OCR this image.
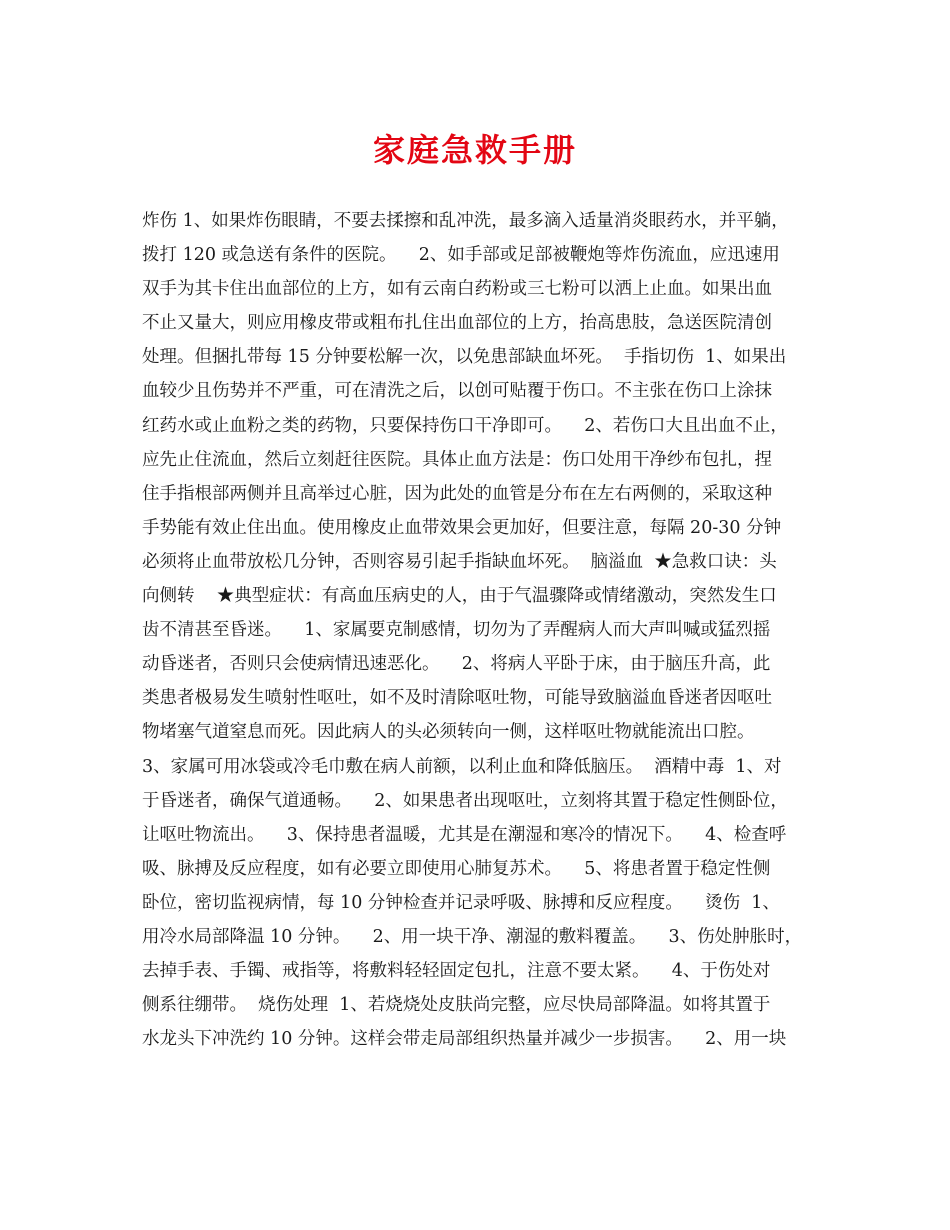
家庭急救手册
炸伤 1、如果炸伤眼睛，不要去揉擦和乱冲洗，最多滴入适量消炎眼药水，并平躺，
拨打 120 或急送有条件的医院。    2、如手部或足部被鞭炮等炸伤流血，应迅速用
双手为其卡住出血部位的上方，如有云南白药粉或三七粉可以洒上止血。如果出血
不止又量大，则应用橡皮带或粗布扎住出血部位的上方，抬高患肢，急送医院清创
处理。但捆扎带每 15 分钟要松解一次，以免患部缺血坏死。  手指切伤  1、如果出
血较少且伤势并不严重，可在清洗之后，以创可贴覆于伤口。不主张在伤口上涂抹
红药水或止血粉之类的药物，只要保持伤口干净即可。    2、若伤口大且出血不止，
应先止住流血，然后立刻赶往医院。具体止血方法是：伤口处用干净纱布包扎，捏
住手指根部两侧并且高举过心脏，因为此处的血管是分布在左右两侧的，采取这种
手势能有效止住出血。使用橡皮止血带效果会更加好，但要注意，每隔 20-30 分钟
必须将止血带放松几分钟，否则容易引起手指缺血坏死。  脑溢血  ★急救口诀：头
向侧转    ★典型症状：有高血压病史的人，由于气温骤降或情绪激动，突然发生口
齿不清甚至昏迷。    1、家属要克制感情，切勿为了弄醒病人而大声叫喊或猛烈摇
动昏迷者，否则只会使病情迅速恶化。    2、将病人平卧于床，由于脑压升高，此
类患者极易发生喷射性呕吐，如不及时清除呕吐物，可能导致脑溢血昏迷者因呕吐
物堵塞气道窒息而死。因此病人的头必须转向一侧，这样呕吐物就能流出口腔。
3、家属可用冰袋或冷毛巾敷在病人前额，以利止血和降低脑压。  酒精中毒  1、对
于昏迷者，确保气道通畅。    2、如果患者出现呕吐，立刻将其置于稳定性侧卧位，
让呕吐物流出。    3、保持患者温暖，尤其是在潮湿和寒冷的情况下。    4、检查呼
吸、脉搏及反应程度，如有必要立即使用心肺复苏术。    5、将患者置于稳定性侧
卧位，密切监视病情，每 10 分钟检查并记录呼吸、脉搏和反应程度。    烫伤  1、
用冷水局部降温 10 分钟。    2、用一块干净、潮湿的敷料覆盖。    3、伤处肿胀时，
去掉手表、手镯、戒指等，将敷料轻轻固定包扎，注意不要太紧。    4、于伤处对
侧系往绷带。  烧伤处理  1、若烧烧处皮肤尚完整，应尽快局部降温。如将其置于
水龙头下冲洗约 10 分钟。这样会带走局部组织热量并减少一步损害。    2、用一块
